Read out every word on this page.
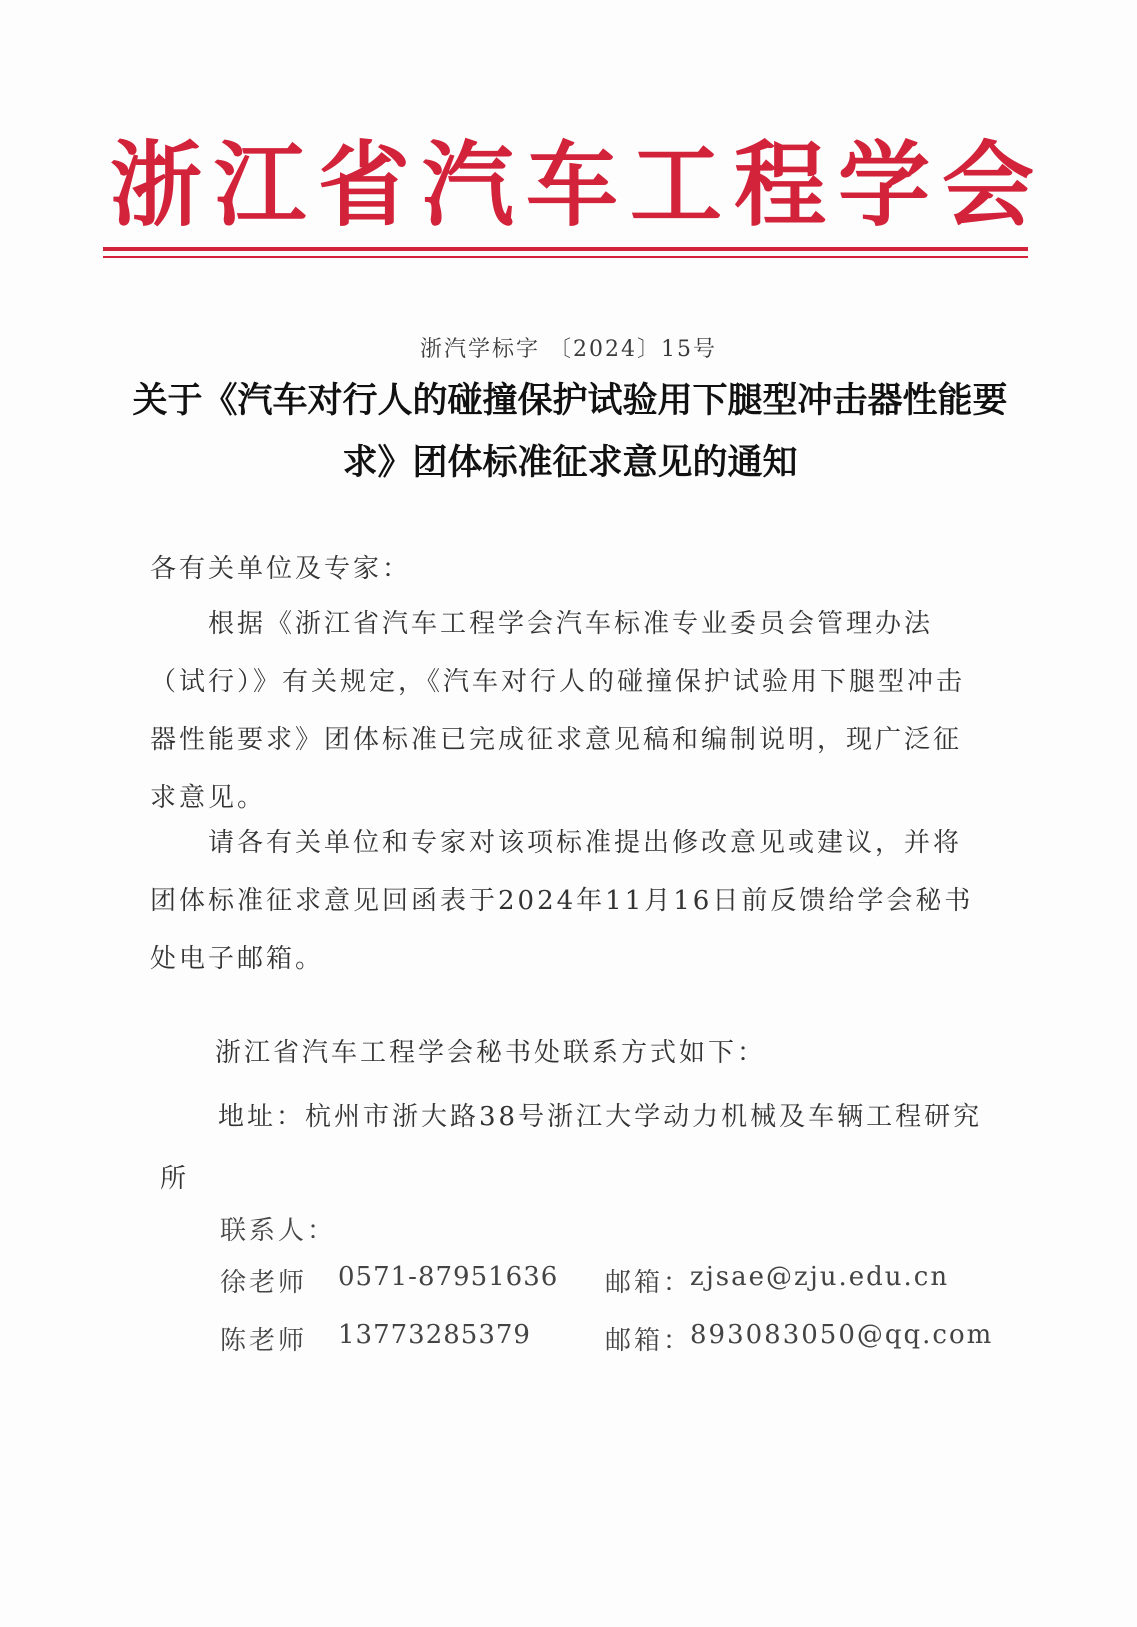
浙江省汽车工程学会
浙汽学标字 〔2024〕15号
关于《汽车对行人的碰撞保护试验用下腿型冲击器性能要求》团体标准征求意见的通知
各有关单位及专家：
根据《浙江省汽车工程学会汽车标准专业委员会管理办法（试行）》有关规定，《汽车对行人的碰撞保护试验用下腿型冲击器性能要求》团体标准已完成征求意见稿和编制说明，现广泛征求意见。
请各有关单位和专家对该项标准提出修改意见或建议，并将团体标准征求意见回函表于2024年11月16日前反馈给学会秘书处电子邮箱。
浙江省汽车工程学会秘书处联系方式如下：
地址：杭州市浙大路38号浙江大学动力机械及车辆工程研究所
联系人：
徐老师 0571-87951636 邮箱：
zjsae@zju.edu.cn
陈老师 13773285379	邮箱：
893083050@qq.com
